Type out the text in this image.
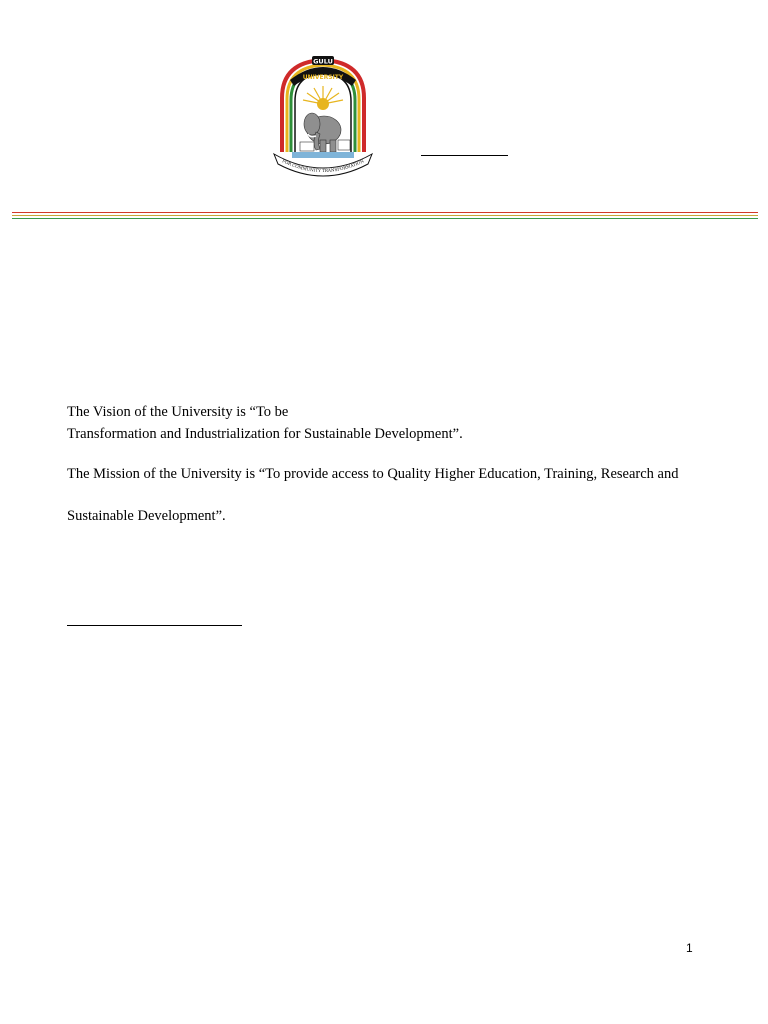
GULU
UNIVERSITY
FOR COMMUNITY TRANSFORMATION
The Vision of the University is “To be
Transformation and Industrialization for Sustainable Development”.
The Mission of the University is “To provide access to Quality Higher Education, Training, Research and
Sustainable Development”.
1
